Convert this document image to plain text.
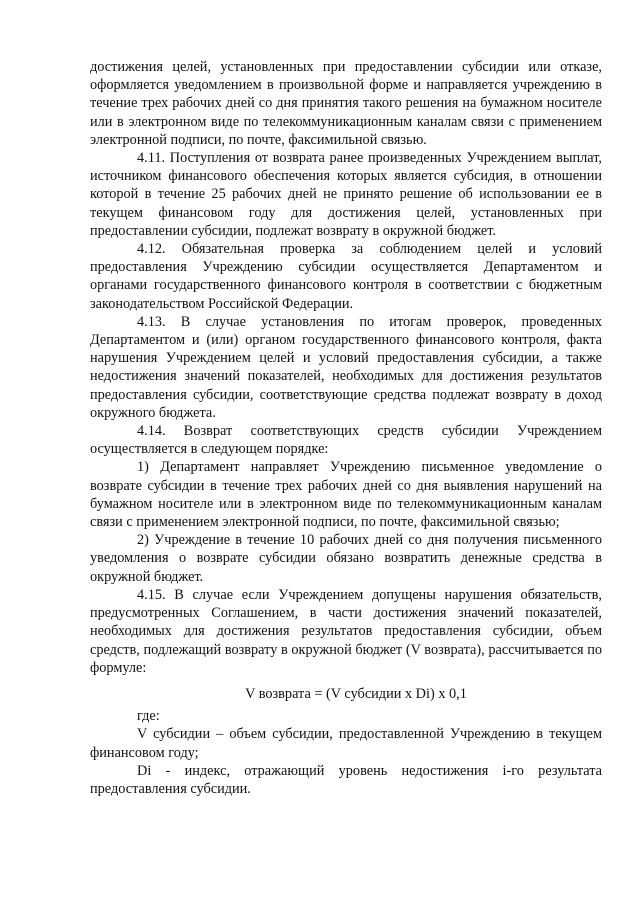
достижения целей, установленных при предоставлении субсидии или отказе, оформляется уведомлением в произвольной форме и направляется учреждению в течение трех рабочих дней со дня принятия такого решения на бумажном носителе или в электронном виде по телекоммуникационным каналам связи с применением электронной подписи, по почте, факсимильной связью.

4.11. Поступления от возврата ранее произведенных Учреждением выплат, источником финансового обеспечения которых является субсидия, в отношении которой в течение 25 рабочих дней не принято решение об использовании ее в текущем финансовом году для достижения целей, установленных при предоставлении субсидии, подлежат возврату в окружной бюджет.

4.12. Обязательная проверка за соблюдением целей и условий предоставления Учреждению субсидии осуществляется Департаментом и органами государственного финансового контроля в соответствии с бюджетным законодательством Российской Федерации.

4.13. В случае установления по итогам проверок, проведенных Департаментом и (или) органом государственного финансового контроля, факта нарушения Учреждением целей и условий предоставления субсидии, а также недостижения значений показателей, необходимых для достижения результатов предоставления субсидии, соответствующие средства подлежат возврату в доход окружного бюджета.

4.14. Возврат соответствующих средств субсидии Учреждением осуществляется в следующем порядке:

1) Департамент направляет Учреждению письменное уведомление о возврате субсидии в течение трех рабочих дней со дня выявления нарушений на бумажном носителе или в электронном виде по телекоммуникационным каналам связи с применением электронной подписи, по почте, факсимильной связью;

2) Учреждение в течение 10 рабочих дней со дня получения письменного уведомления о возврате субсидии обязано возвратить денежные средства в окружной бюджет.

4.15. В случае если Учреждением допущены нарушения обязательств, предусмотренных Соглашением, в части достижения значений показателей, необходимых для достижения результатов предоставления субсидии, объем средств, подлежащий возврату в окружной бюджет (V возврата), рассчитывается по формуле:

V возврата = (V субсидии x Di) x 0,1

где:

V субсидии – объем субсидии, предоставленной Учреждению в текущем финансовом году;

Di - индекс, отражающий уровень недостижения i-го результата предоставления субсидии.
